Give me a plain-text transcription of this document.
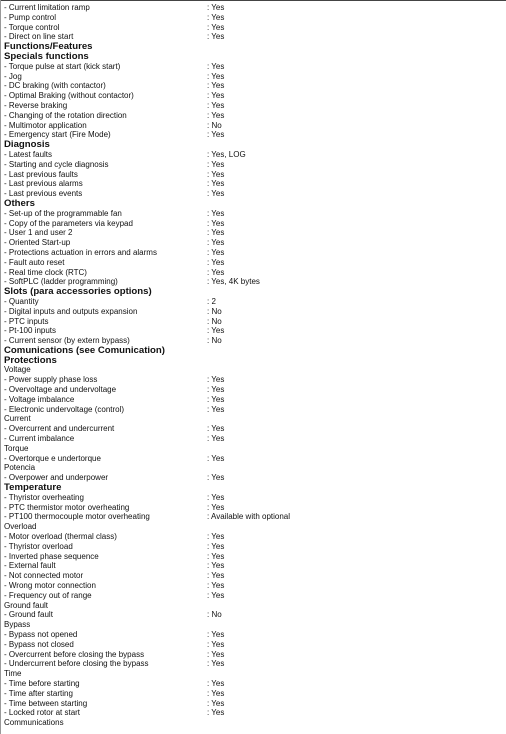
- Current limitation ramp	: Yes
- Pump control	: Yes
- Torque control	: Yes
- Direct on line start	: Yes
Functions/Features
Specials functions
- Torque pulse at start (kick start)	: Yes
- Jog	: Yes
- DC braking (with contactor)	: Yes
- Optimal Braking (without contactor)	: Yes
- Reverse braking	: Yes
- Changing of the rotation direction	: Yes
- Multimotor application	: No
- Emergency start (Fire Mode)	: Yes
Diagnosis
- Latest faults	: Yes, LOG
- Starting and cycle diagnosis	: Yes
- Last previous faults	: Yes
- Last previous alarms	: Yes
- Last previous events	: Yes
Others
- Set-up of the programmable fan	: Yes
- Copy of the parameters via keypad	: Yes
- User 1 and user 2	: Yes
- Oriented Start-up	: Yes
- Protections actuation in errors and alarms	: Yes
- Fault auto reset	: Yes
- Real time clock (RTC)	: Yes
- SoftPLC (ladder programming)	: Yes, 4K bytes
Slots (para accessories options)
- Quantity	: 2
- Digital inputs and outputs expansion	: No
- PTC inputs	: No
- Pt-100 inputs	: Yes
- Current sensor (by extern bypass)	: No
Comunications (see Comunication)
Protections
Voltage
- Power supply phase loss	: Yes
- Overvoltage and undervoltage	: Yes
- Voltage imbalance	: Yes
- Electronic undervoltage (control)	: Yes
Current
- Overcurrent and undercurrent	: Yes
- Current imbalance	: Yes
Torque
- Overtorque e undertorque	: Yes
Potencia
- Overpower and underpower	: Yes
Temperature
- Thyristor overheating	: Yes
- PTC thermistor motor overheating	: Yes
- PT100 thermocouple motor overheating	: Available with optional
Overload
- Motor overload (thermal class)	: Yes
- Thyristor overload	: Yes
- Inverted phase sequence	: Yes
- External fault	: Yes
- Not connected motor	: Yes
- Wrong motor connection	: Yes
- Frequency out of range	: Yes
Ground fault
- Ground fault	: No
Bypass
- Bypass not opened	: Yes
- Bypass not closed	: Yes
- Overcurrent before closing the bypass	: Yes
- Undercurrent before closing the bypass	: Yes
Time
- Time before starting	: Yes
- Time after starting	: Yes
- Time between starting	: Yes
- Locked rotor at start	: Yes
Communications
